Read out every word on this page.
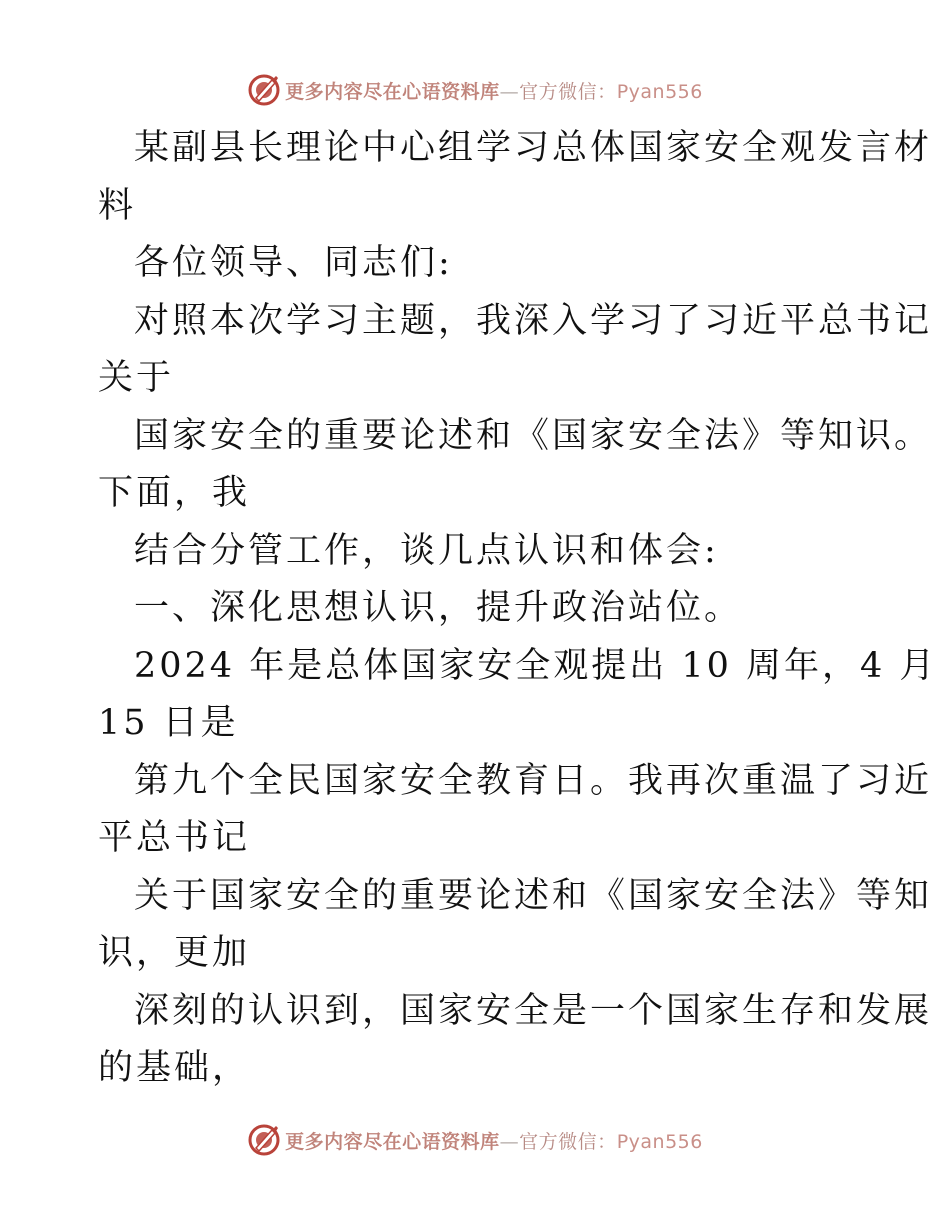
更多内容尽在心语资料库—官方微信：Pyan556
某副县长理论中心组学习总体国家安全观发言材
料
各位领导、同志们:
对照本次学习主题，我深入学习了习近平总书记
关于
国家安全的重要论述和《国家安全法》等知识。
下面，我
结合分管工作，谈几点认识和体会:
一、深化思想认识，提升政治站位。
2024 年是总体国家安全观提出 10 周年，4 月
15 日是
第九个全民国家安全教育日。我再次重温了习近
平总书记
关于国家安全的重要论述和《国家安全法》等知
识，更加
深刻的认识到，国家安全是一个国家生存和发展
的基础，
更多内容尽在心语资料库—官方微信：Pyan556
